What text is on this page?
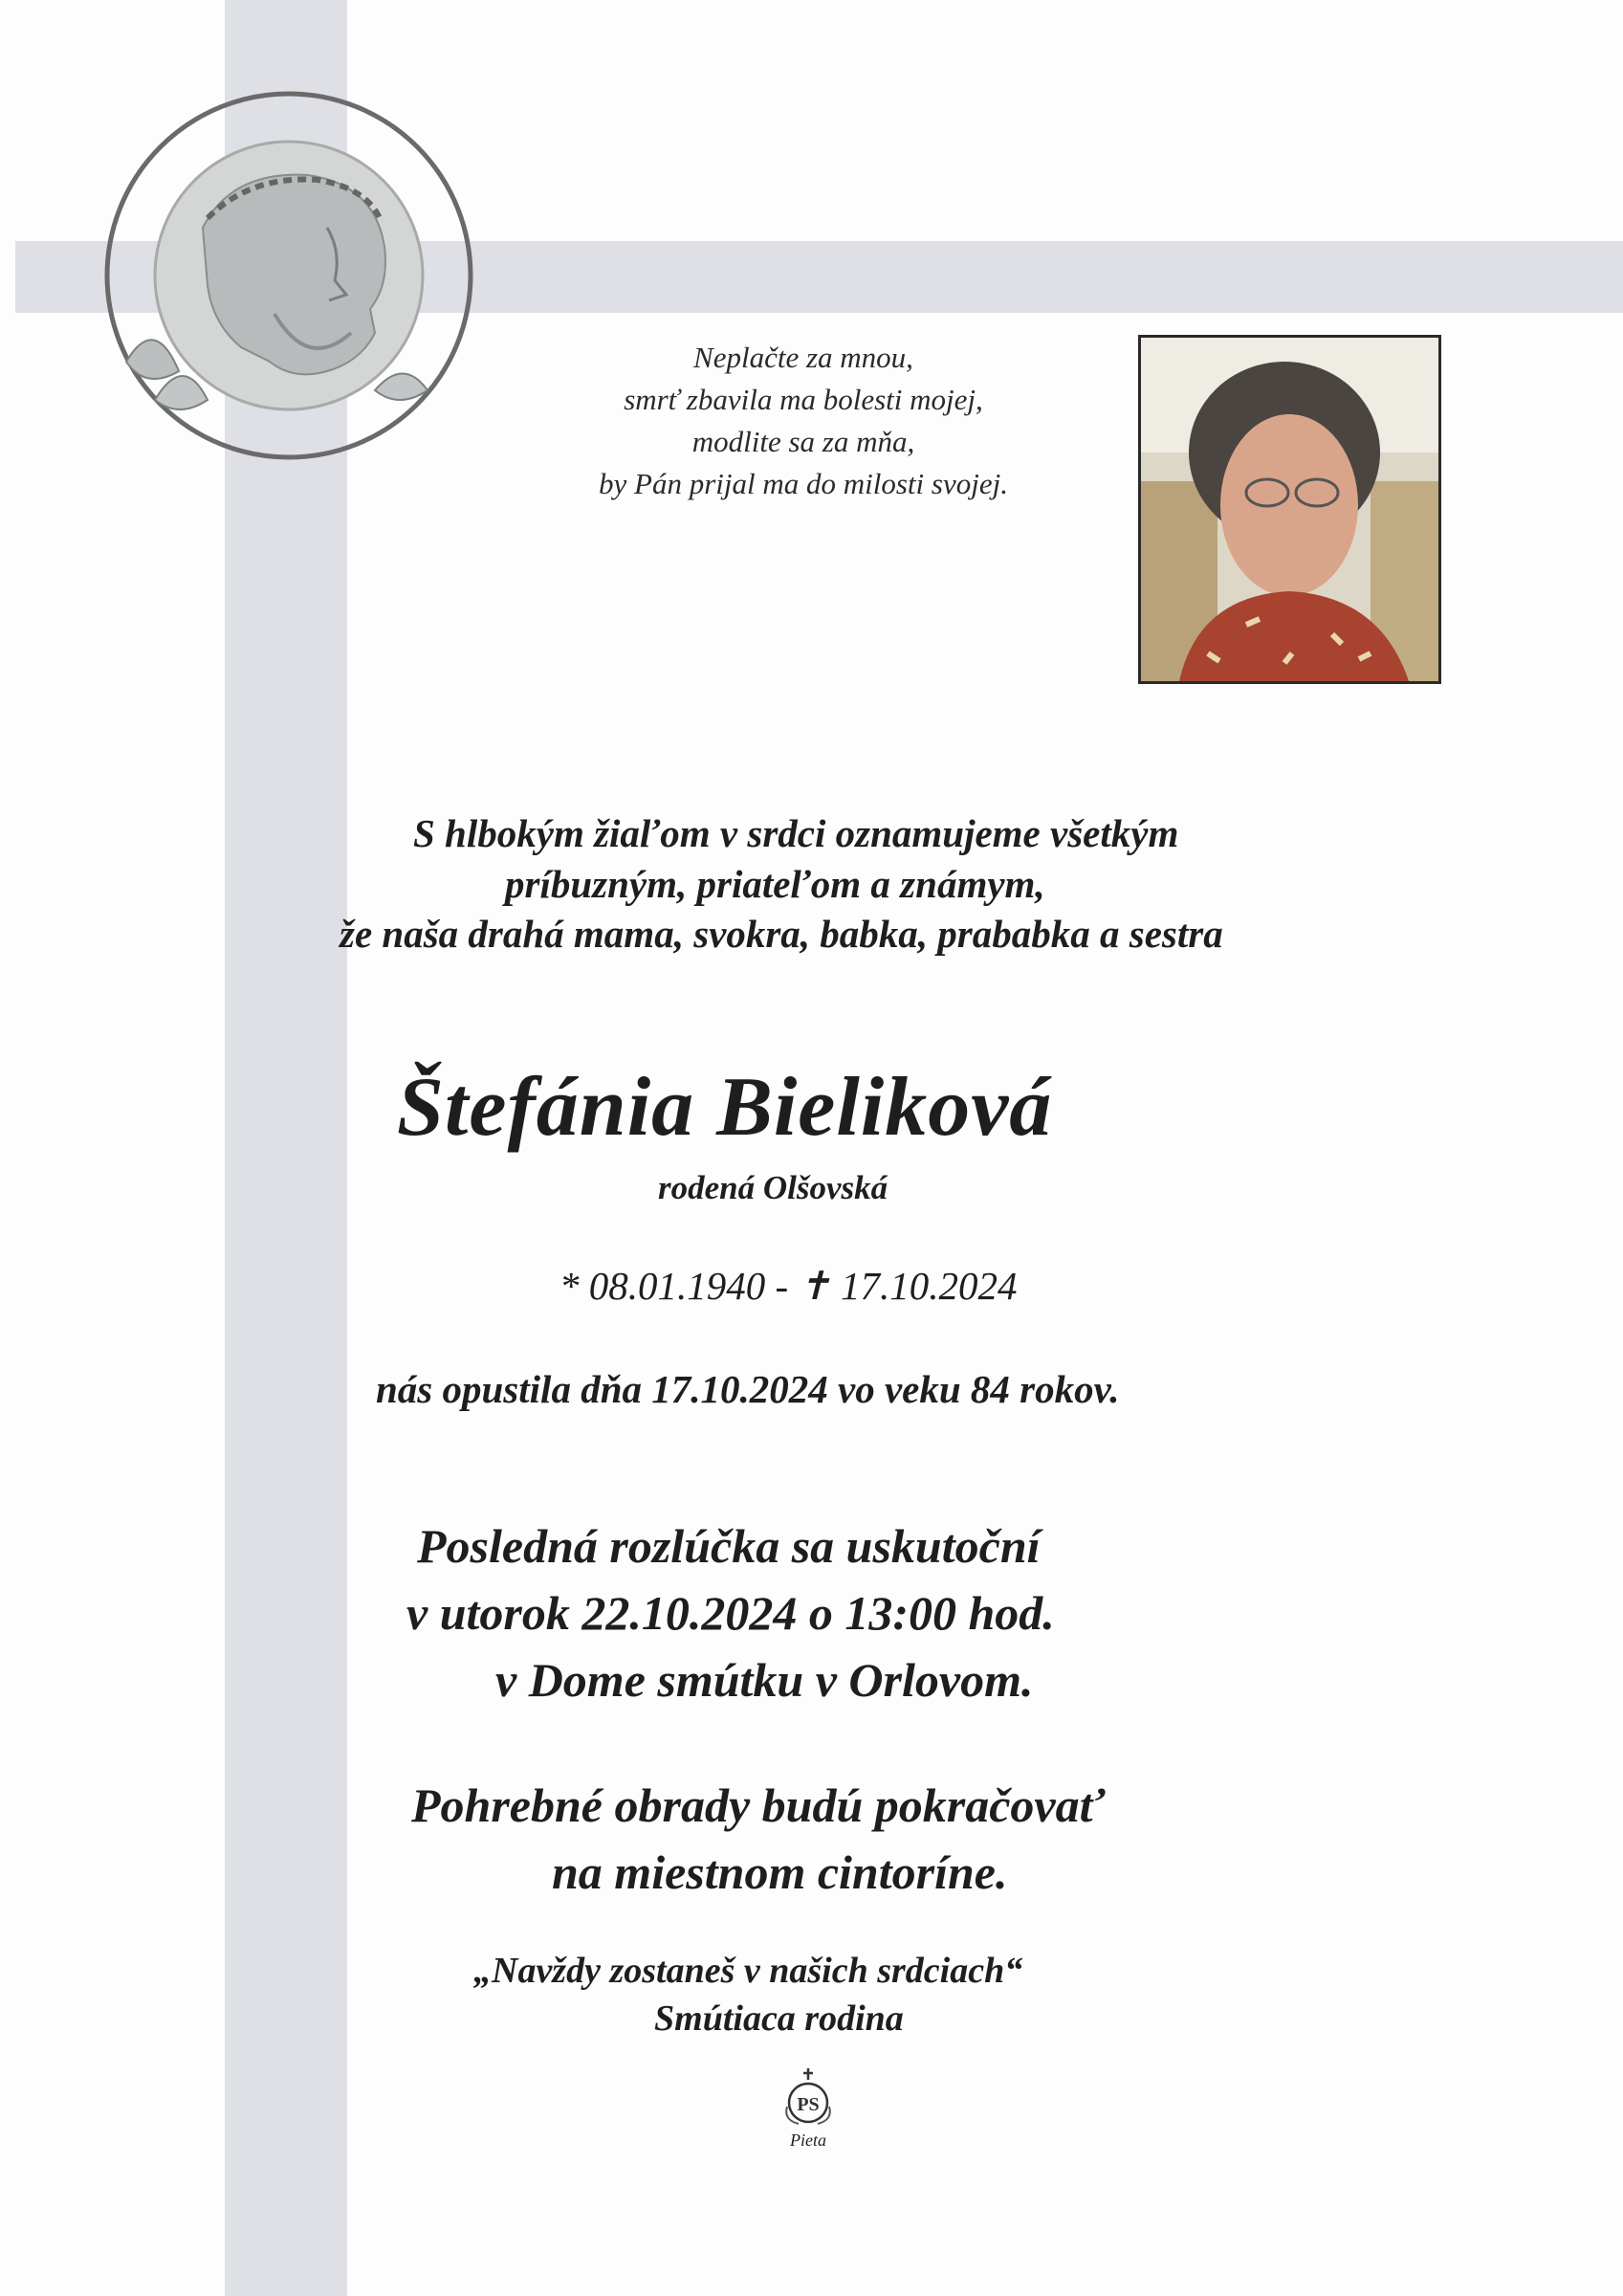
Neplačte za mnou,
smrť zbavila ma bolesti mojej,
modlite sa za mňa,
by Pán prijal ma do milosti svojej.
S hlbokým žiaľom v srdci oznamujeme všetkým
príbuzným, priateľom a známym,
že naša drahá mama, svokra, babka, prababka a sestra
Štefánia Bieliková
rodená Olšovská
* 08.01.1940 - ✝ 17.10.2024
nás opustila dňa 17.10.2024 vo veku 84 rokov.
Posledná rozlúčka sa uskutoční
v utorok 22.10.2024 o 13:00 hod.
v Dome smútku v Orlovom.
Pohrebné obrady budú pokračovať
na miestnom cintoríne.
„Navždy zostaneš v našich srdciach“
Smútiaca rodina
PS
Pieta
